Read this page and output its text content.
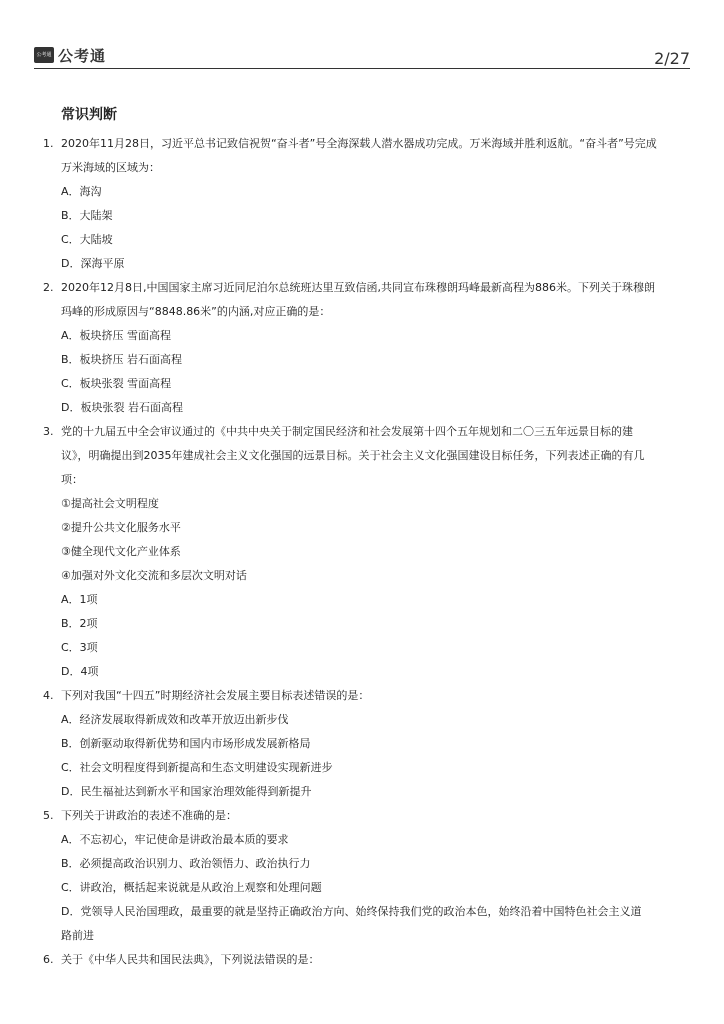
公考通 公考通	2/27
常识判断
1. 2020年11月28日，习近平总书记致信祝贺“奋斗者”号全海深载人潜水器成功完成。万米海域并胜利返航。“奋斗者”号完成
万米海域的区域为：
A．海沟
B．大陆架
C．大陆坡
D．深海平原
2. 2020年12月8日,中国国家主席习近同尼泊尔总统班达里互致信函,共同宣布珠穆朗玛峰最新高程为886米。下列关于珠穆朗
玛峰的形成原因与“8848.86米”的内涵,对应正确的是：
A．板块挤压 雪面高程
B．板块挤压 岩石面高程
C．板块张裂 雪面高程
D．板块张裂 岩石面高程
3. 党的十九届五中全会审议通过的《中共中央关于制定国民经济和社会发展第十四个五年规划和二〇三五年远景目标的建
议》，明确提出到2035年建成社会主义文化强国的远景目标。关于社会主义文化强国建设目标任务，下列表述正确的有几
项：
①提高社会文明程度
②提升公共文化服务水平
③健全现代文化产业体系
④加强对外文化交流和多层次文明对话
A．1项
B．2项
C．3项
D．4项
4. 下列对我国“十四五”时期经济社会发展主要目标表述错误的是：
A．经济发展取得新成效和改革开放迈出新步伐
B．创新驱动取得新优势和国内市场形成发展新格局
C．社会文明程度得到新提高和生态文明建设实现新进步
D．民生福祉达到新水平和国家治理效能得到新提升
5. 下列关于讲政治的表述不准确的是：
A．不忘初心，牢记使命是讲政治最本质的要求
B．必须提高政治识别力、政治领悟力、政治执行力
C．讲政治，概括起来说就是从政治上观察和处理问题
D．党领导人民治国理政，最重要的就是坚持正确政治方向、始终保持我们党的政治本色，始终沿着中国特色社会主义道
路前进
6. 关于《中华人民共和国民法典》，下列说法错误的是：
